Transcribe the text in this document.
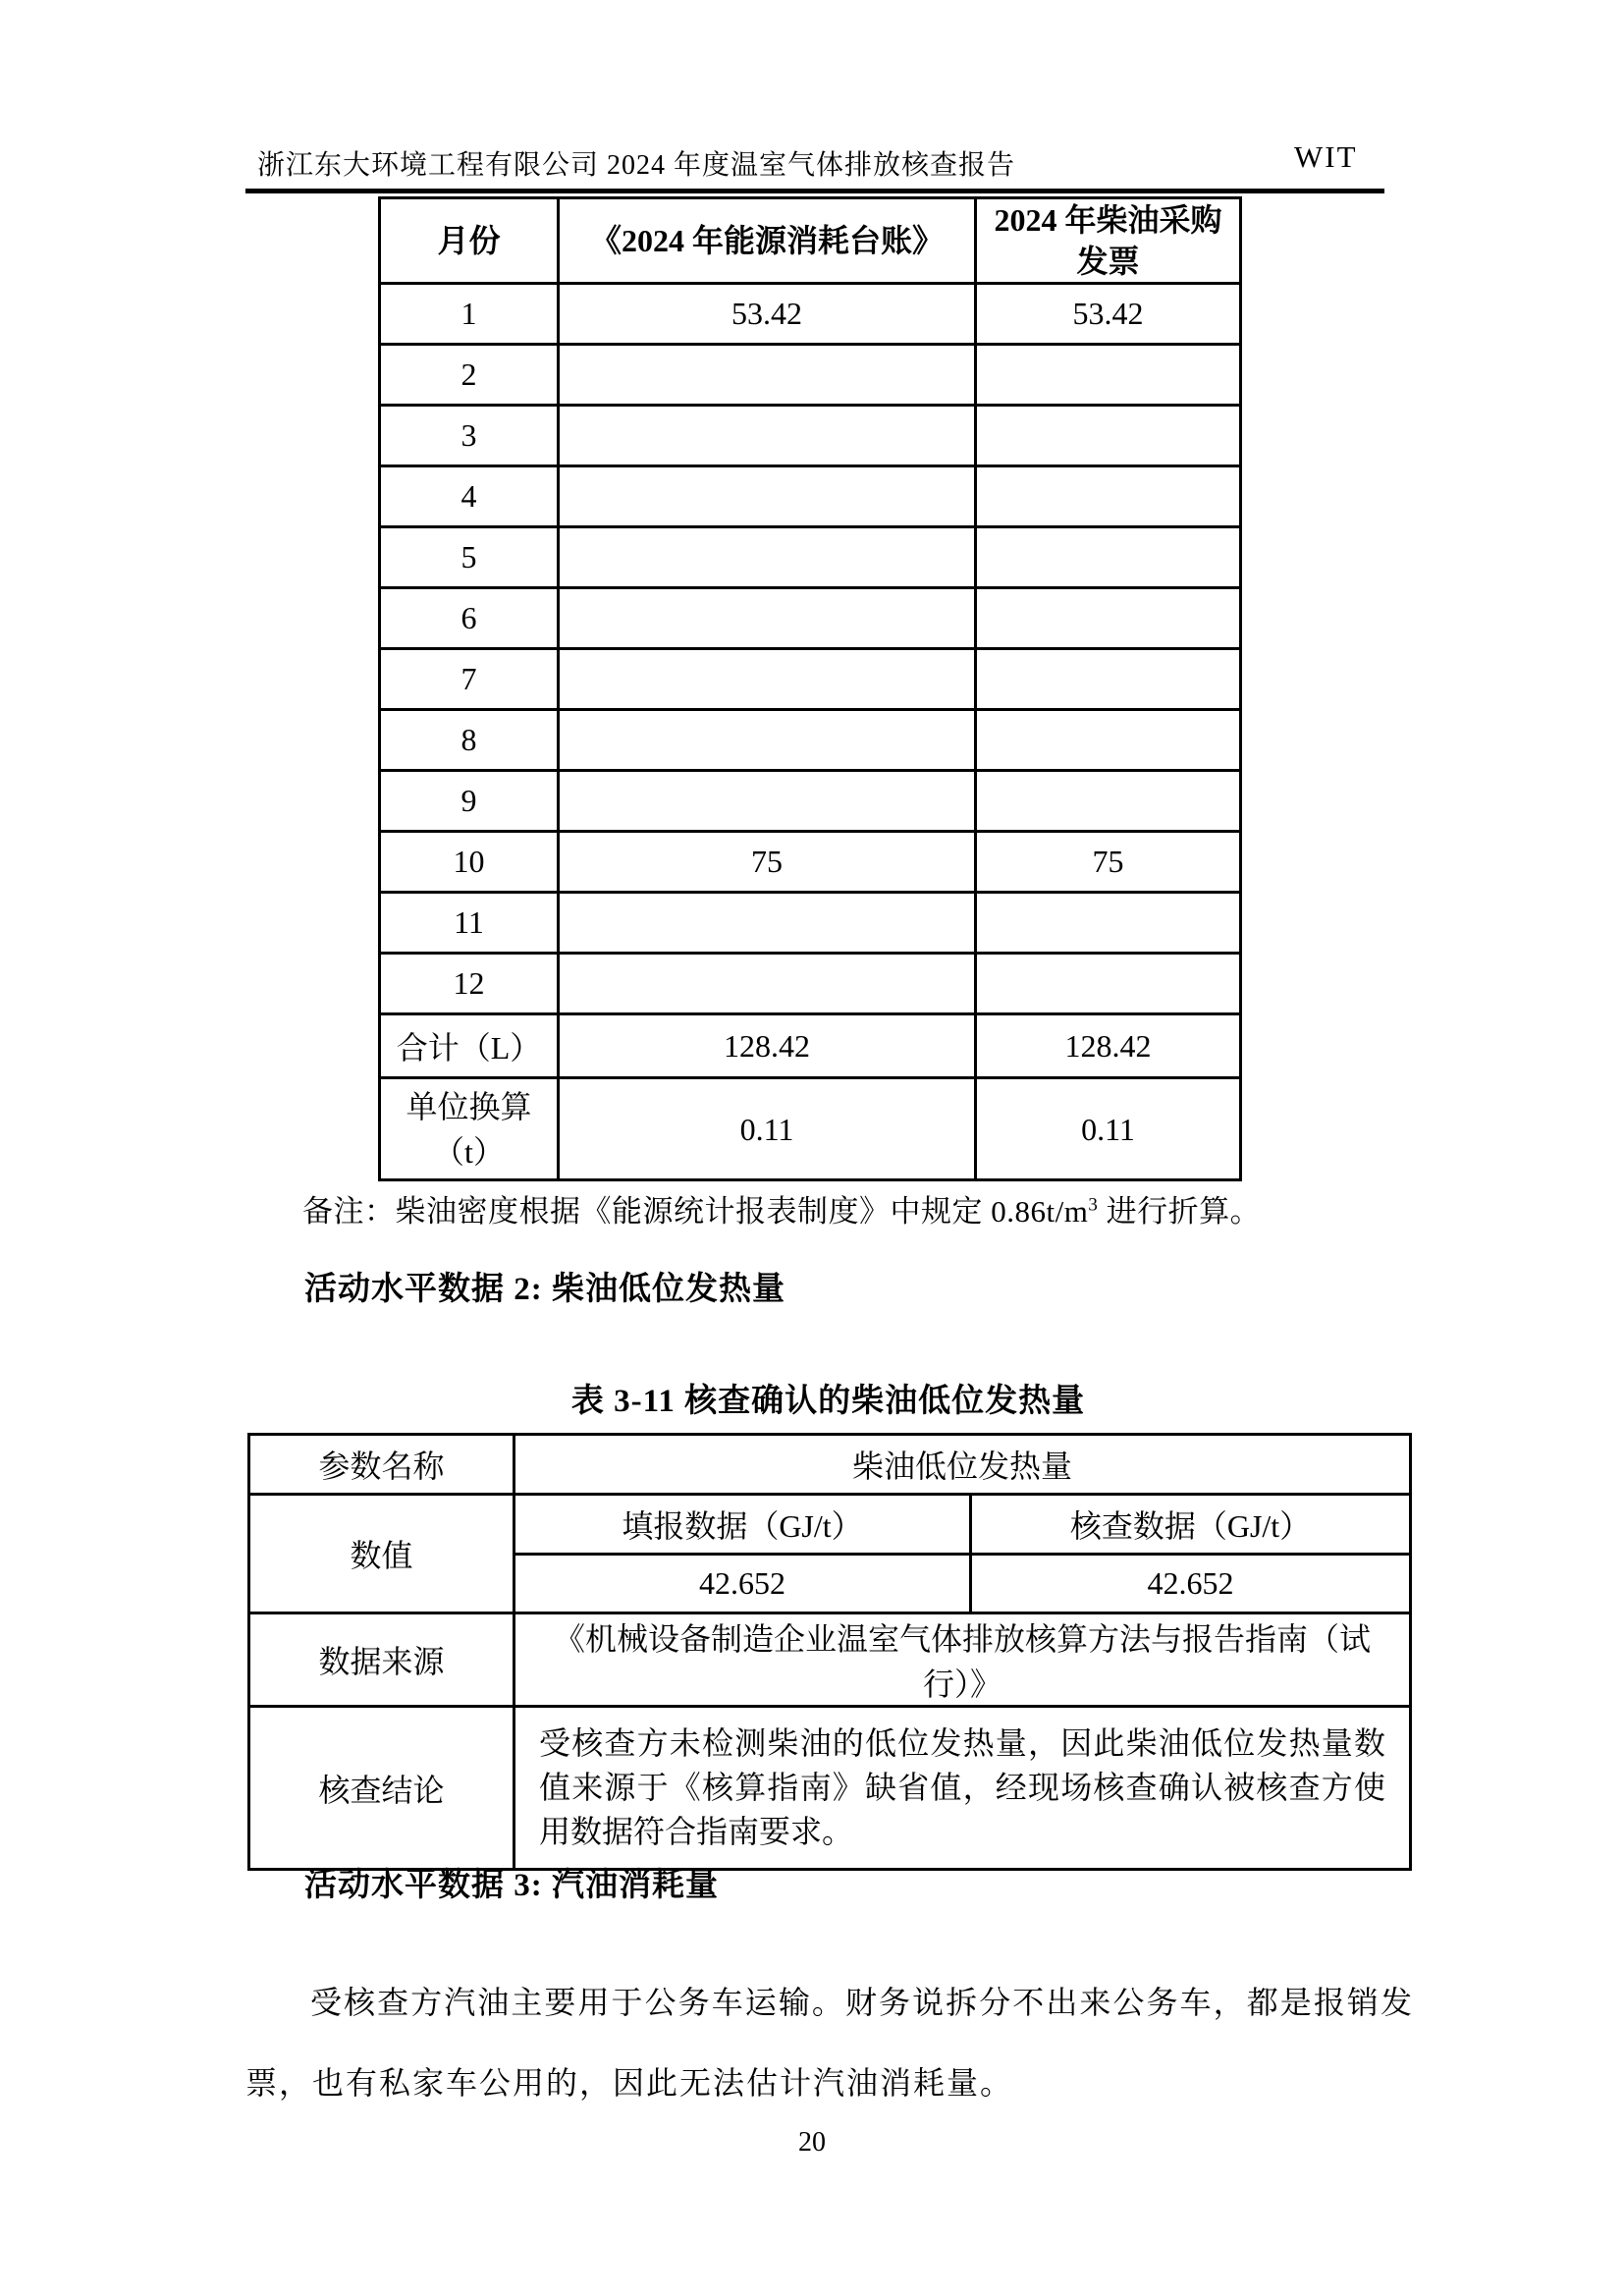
浙江东大环境工程有限公司 2024 年度温室气体排放核查报告	WIT
月份	《2024 年能源消耗台账》	2024 年柴油采购发票
1	53.42	53.42
2		
3		
4		
5		
6		
7		
8		
9		
10	75	75
11		
12		
合计（L）	128.42	128.42
单位换算（t）	0.11	0.11
备注：柴油密度根据《能源统计报表制度》中规定 $0.86t/m^3$ 进行折算。
活动水平数据 2: 柴油低位发热量
表 3-11 核查确认的柴油低位发热量
参数名称	柴油低位发热量	
数值	填报数据（GJ/t）	核查数据（GJ/t）
	42.652	42.652
数据来源	《机械设备制造企业温室气体排放核算方法与报告指南（试行）》	
核查结论	受核查方未检测柴油的低位发热量，因此柴油低位发热量数值来源于《核算指南》缺省值，经现场核查确认被核查方使用数据符合指南要求。	
活动水平数据 3: 汽油消耗量

受核查方汽油主要用于公务车运输。财务说拆分不出来公务车，都是报销发票，也有私家车公用的，因此无法估计汽油消耗量。

20
